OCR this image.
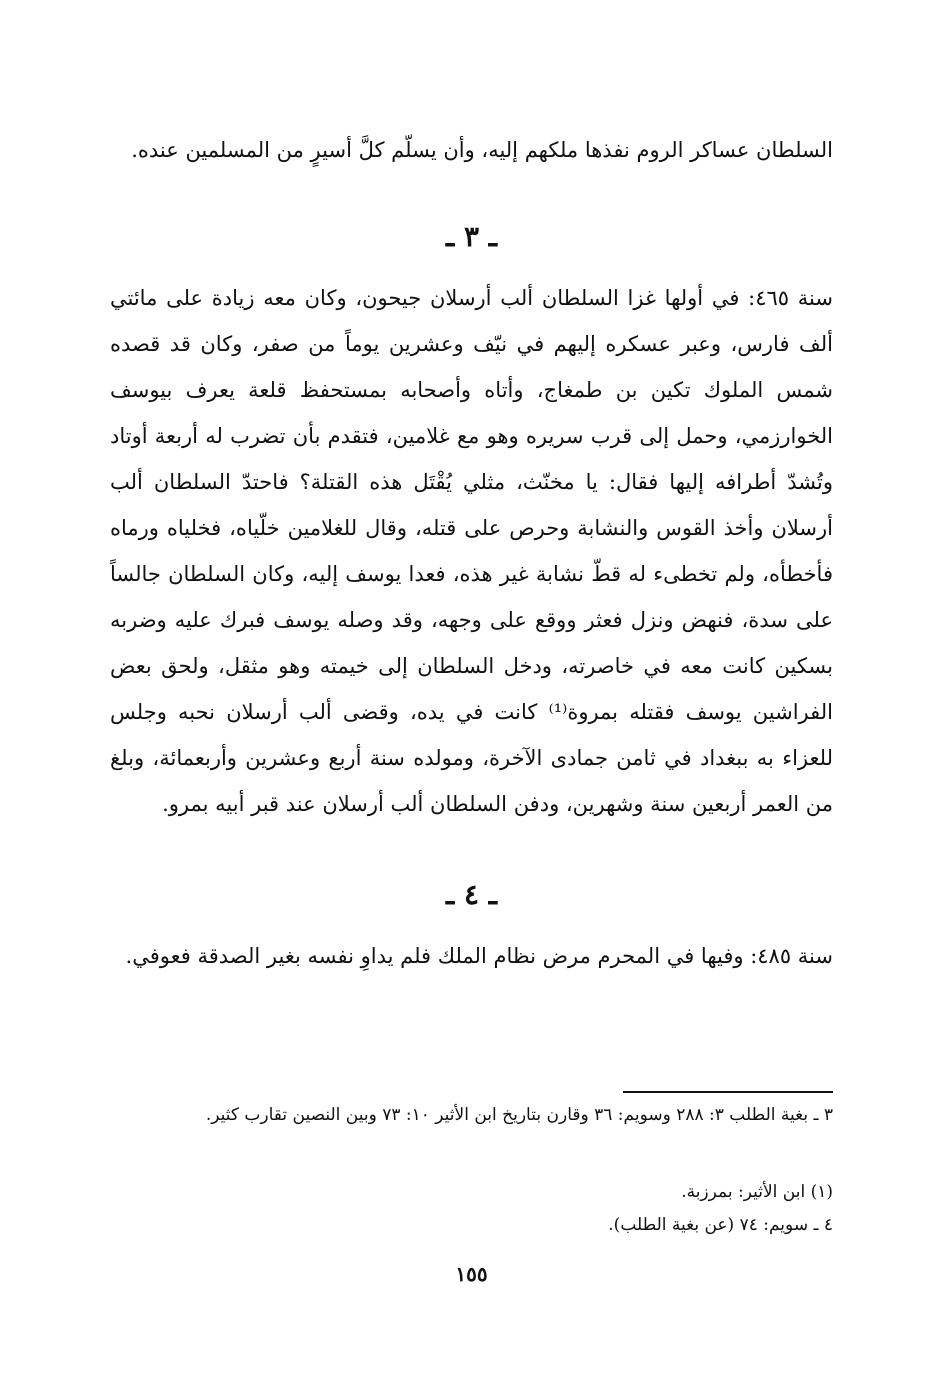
السلطان عساكر الروم نفذها ملكهم إليه، وأن يسلّم كلَّ أسيرٍ من المسلمين عنده.

ـ ٣ ـ

سنة ٤٦٥: في أولها غزا السلطان ألب أرسلان جيحون، وكان معه زيادة على مائتي ألف فارس، وعبر عسكره إليهم في نيّف وعشرين يوماً من صفر، وكان قد قصده شمس الملوك تكين بن طمغاج، وأتاه وأصحابه بمستحفظ قلعة يعرف بيوسف الخوارزمي، وحمل إلى قرب سريره وهو مع غلامين، فتقدم بأن تضرب له أربعة أوتاد وتُشدّ أطرافه إليها فقال: يا مخنّث، مثلي يُقْتَل هذه القتلة؟ فاحتدّ السلطان ألب أرسلان وأخذ القوس والنشابة وحرص على قتله، وقال للغلامين خلّياه، فخلياه ورماه فأخطأه، ولم تخطىء له قطّ نشابة غير هذه، فعدا يوسف إليه، وكان السلطان جالساً على سدة، فنهض ونزل فعثر ووقع على وجهه، وقد وصله يوسف فبرك عليه وضربه بسكين كانت معه في خاصرته، ودخل السلطان إلى خيمته وهو مثقل، ولحق بعض الفراشين يوسف فقتله بمروة⁽¹⁾ كانت في يده، وقضى ألب أرسلان نحبه وجلس للعزاء به ببغداد في ثامن جمادى الآخرة، ومولده سنة أربع وعشرين وأربعمائة، وبلغ من العمر أربعين سنة وشهرين، ودفن السلطان ألب أرسلان عند قبر أبيه بمرو.

ـ ٤ ـ

سنة ٤٨٥: وفيها في المحرم مرض نظام الملك فلم يداوِ نفسه بغير الصدقة فعوفي.

٣ ـ بغية الطلب ٣: ٢٨٨ وسويم: ٣٦ وقارن بتاريخ ابن الأثير ١٠: ٧٣ وبين النصين تقارب كثير.

(١) ابن الأثير: بمرزبة.

٤ ـ سويم: ٧٤ (عن بغية الطلب).

١٥٥
